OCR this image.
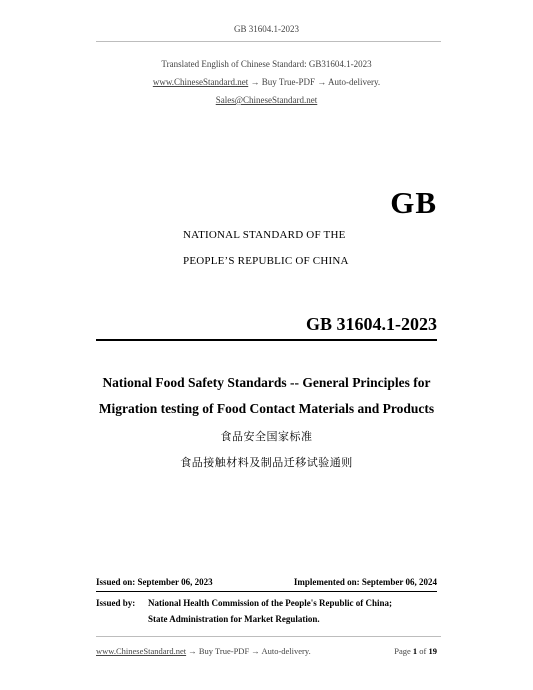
GB 31604.1-2023
Translated English of Chinese Standard: GB31604.1-2023
www.ChineseStandard.net → Buy True-PDF → Auto-delivery.
Sales@ChineseStandard.net
GB
NATIONAL STANDARD OF THE
PEOPLE’S REPUBLIC OF CHINA
GB 31604.1-2023
National Food Safety Standards -- General Principles for
Migration testing of Food Contact Materials and Products
食品安全国家标准
食品接触材料及制品迁移试验通则
Issued on: September 06, 2023	Implemented on: September 06, 2024
Issued by: National Health Commission of the People's Republic of China;
State Administration for Market Regulation.
www.ChineseStandard.net → Buy True-PDF → Auto-delivery.	Page 1 of 19
